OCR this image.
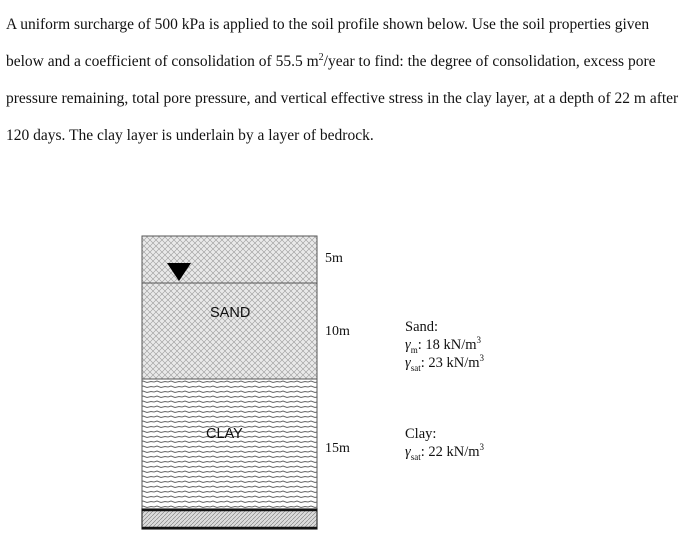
A uniform surcharge of 500 kPa is applied to the soil profile shown below. Use the soil properties given below and a coefficient of consolidation of 55.5 $m^2$/year to find: the degree of consolidation, excess pore pressure remaining, total pore pressure, and vertical effective stress in the clay layer, at a depth of 22 m after 120 days. The clay layer is underlain by a layer of bedrock.

SAND
CLAY
5m
10m
15m
Sand:
$\gamma_m$: 18 $kN/m^3$
$\gamma_{sat}$: 23 $kN/m^3$
Clay:
$\gamma_{sat}$: 22 $kN/m^3$
